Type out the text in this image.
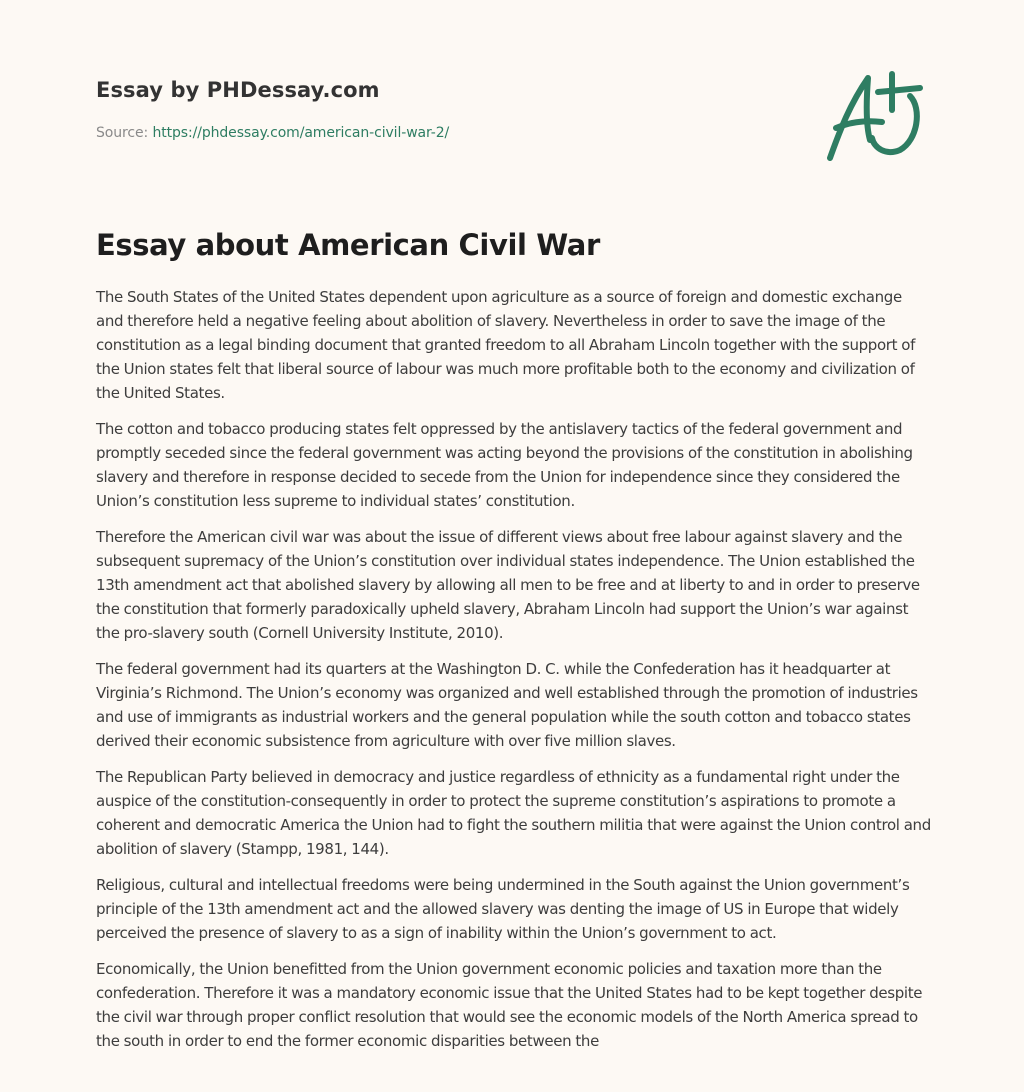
Essay by PHDessay.com
Source: https://phdessay.com/american-civil-war-2/
Essay about American Civil War

The South States of the United States dependent upon agriculture as a source of foreign and domestic exchange and therefore held a negative feeling about abolition of slavery. Nevertheless in order to save the image of the constitution as a legal binding document that granted freedom to all Abraham Lincoln together with the support of the Union states felt that liberal source of labour was much more profitable both to the economy and civilization of the United States.

The cotton and tobacco producing states felt oppressed by the antislavery tactics of the federal government and promptly seceded since the federal government was acting beyond the provisions of the constitution in abolishing slavery and therefore in response decided to secede from the Union for independence since they considered the Union’s constitution less supreme to individual states’ constitution.

Therefore the American civil war was about the issue of different views about free labour against slavery and the subsequent supremacy of the Union’s constitution over individual states independence. The Union established the 13th amendment act that abolished slavery by allowing all men to be free and at liberty to and in order to preserve the constitution that formerly paradoxically upheld slavery, Abraham Lincoln had support the Union’s war against the pro-slavery south (Cornell University Institute, 2010).

The federal government had its quarters at the Washington D. C. while the Confederation has it headquarter at Virginia’s Richmond. The Union’s economy was organized and well established through the promotion of industries and use of immigrants as industrial workers and the general population while the south cotton and tobacco states derived their economic subsistence from agriculture with over five million slaves.

The Republican Party believed in democracy and justice regardless of ethnicity as a fundamental right under the auspice of the constitution-consequently in order to protect the supreme constitution’s aspirations to promote a coherent and democratic America the Union had to fight the southern militia that were against the Union control and abolition of slavery (Stampp, 1981, 144).

Religious, cultural and intellectual freedoms were being undermined in the South against the Union government’s principle of the 13th amendment act and the allowed slavery was denting the image of US in Europe that widely perceived the presence of slavery to as a sign of inability within the Union’s government to act.

Economically, the Union benefitted from the Union government economic policies and taxation more than the confederation. Therefore it was a mandatory economic issue that the United States had to be kept together despite the civil war through proper conflict resolution that would see the economic models of the North America spread to the south in order to end the former economic disparities between the
